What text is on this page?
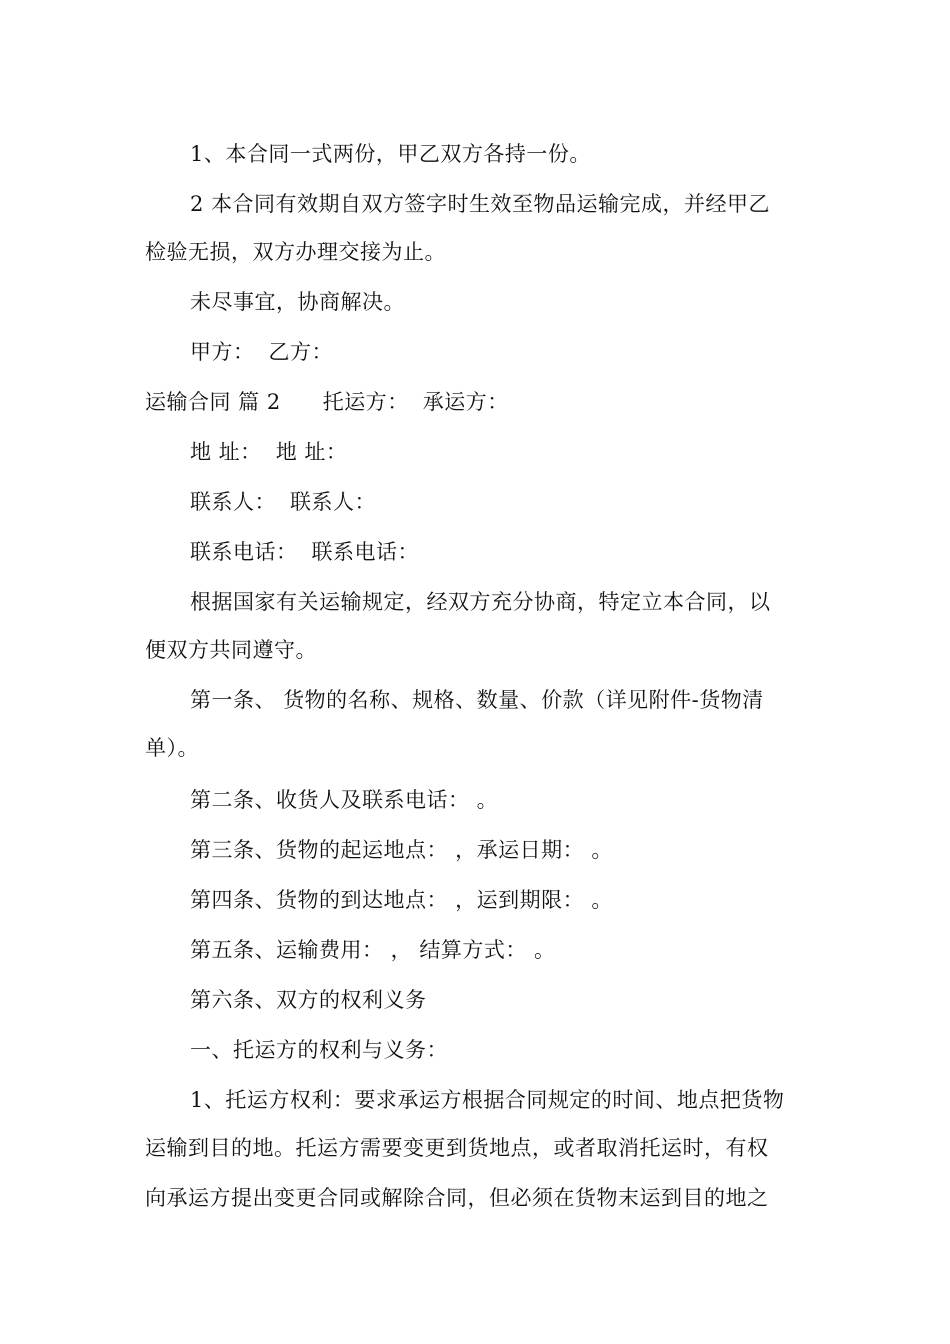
1、本合同一式两份，甲乙双方各持一份。
2 本合同有效期自双方签字时生效至物品运输完成，并经甲乙
检验无损，双方办理交接为止。
未尽事宜，协商解决。
甲方： 乙方：
运输合同 篇 2 托运方： 承运方：
地 址： 地 址：
联系人： 联系人：
联系电话： 联系电话：
根据国家有关运输规定，经双方充分协商，特定立本合同，以
便双方共同遵守。
第一条、 货物的名称、规格、数量、价款（详见附件-货物清
单）。
第二条、收货人及联系电话： 。
第三条、货物的起运地点： ，承运日期： 。
第四条、货物的到达地点： ，运到期限： 。
第五条、运输费用： ， 结算方式： 。
第六条、双方的权利义务
一、托运方的权利与义务：
1、托运方权利：要求承运方根据合同规定的时间、地点把货物
运输到目的地。托运方需要变更到货地点，或者取消托运时，有权
向承运方提出变更合同或解除合同，但必须在货物末运到目的地之
